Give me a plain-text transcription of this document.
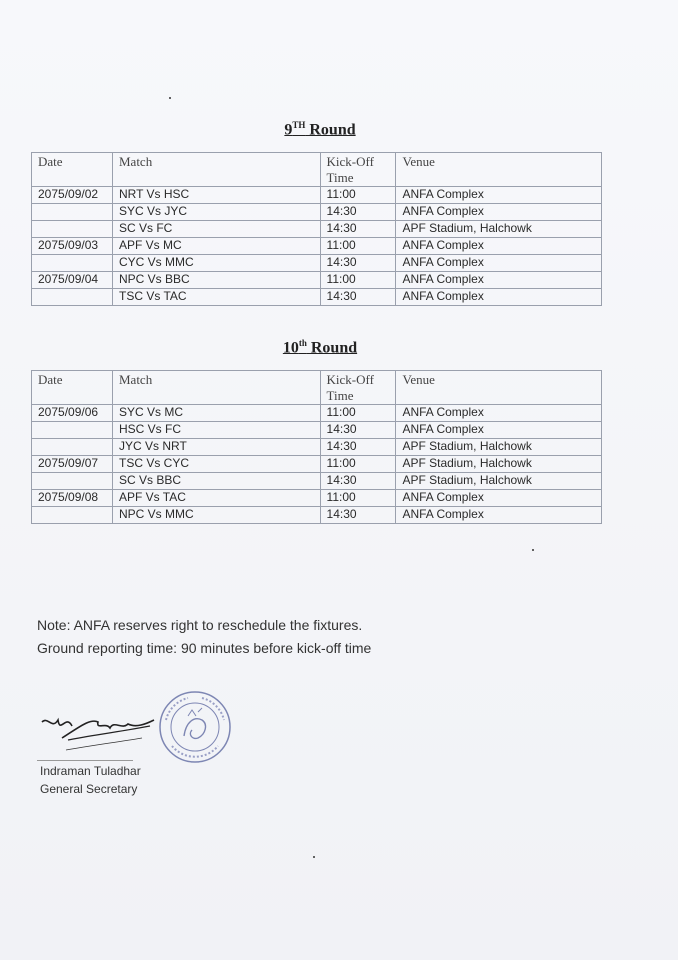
9TH Round
Date	Match	Kick-Off Time	Venue
2075/09/02	NRT Vs HSC	11:00	ANFA Complex
	SYC Vs JYC	14:30	ANFA Complex
	SC Vs FC	14:30	APF Stadium, Halchowk
2075/09/03	APF Vs MC	11:00	ANFA Complex
	CYC Vs MMC	14:30	ANFA Complex
2075/09/04	NPC Vs BBC	11:00	ANFA Complex
	TSC Vs TAC	14:30	ANFA Complex
10th Round
Date	Match	Kick-Off Time	Venue
2075/09/06	SYC Vs MC	11:00	ANFA Complex
	HSC Vs FC	14:30	ANFA Complex
	JYC Vs NRT	14:30	APF Stadium, Halchowk
2075/09/07	TSC Vs CYC	11:00	APF Stadium, Halchowk
	SC Vs BBC	14:30	APF Stadium, Halchowk
2075/09/08	APF Vs TAC	11:00	ANFA Complex
	NPC Vs MMC	14:30	ANFA Complex
Note: ANFA reserves right to reschedule the fixtures.
Ground reporting time: 90 minutes before kick-off time
Indraman Tuladhar
General Secretary
